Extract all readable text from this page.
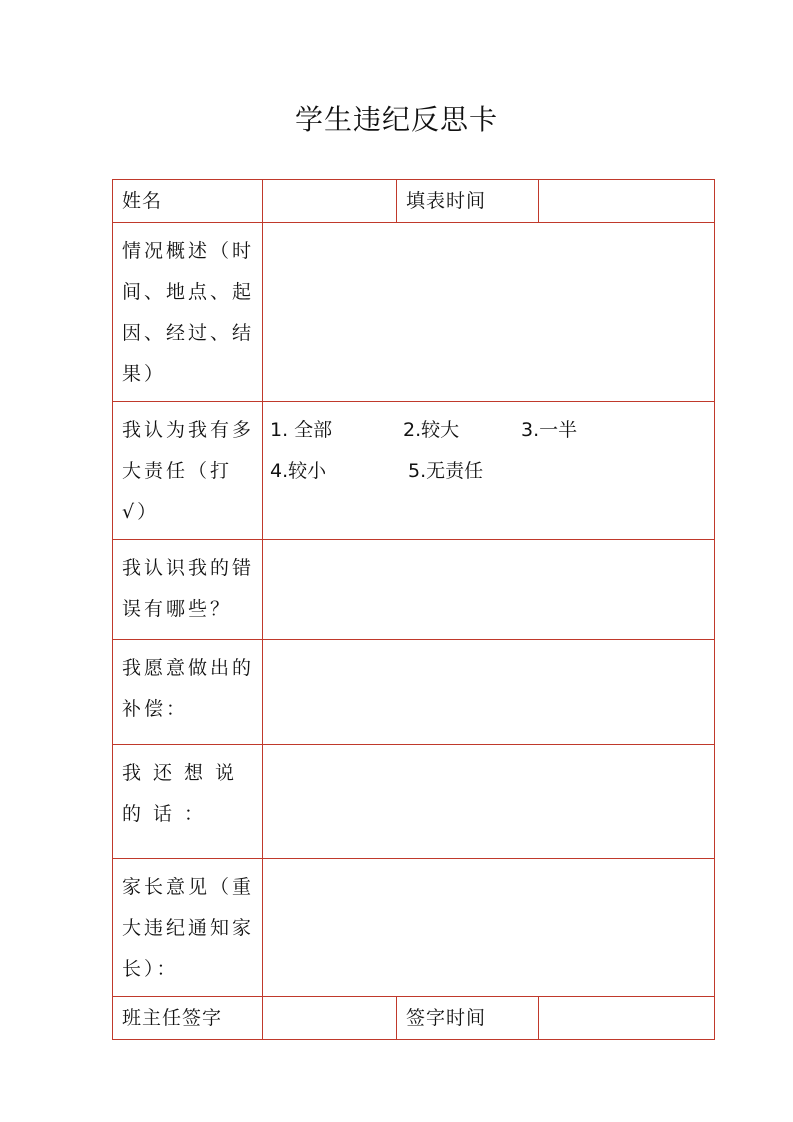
学生违纪反思卡
姓名		填表时间	
情况概述（时间、地点、起因、经过、结果）			
我认为我有多大责任（打√）	1. 全部 2.较大 3.一半
4.较小 5.无责任		

我认识我的错误有哪些？			
我愿意做出的补偿：			
我还想说的话：			
家长意见（重大违纪通知家长）：			
班主任签字		签字时间	
